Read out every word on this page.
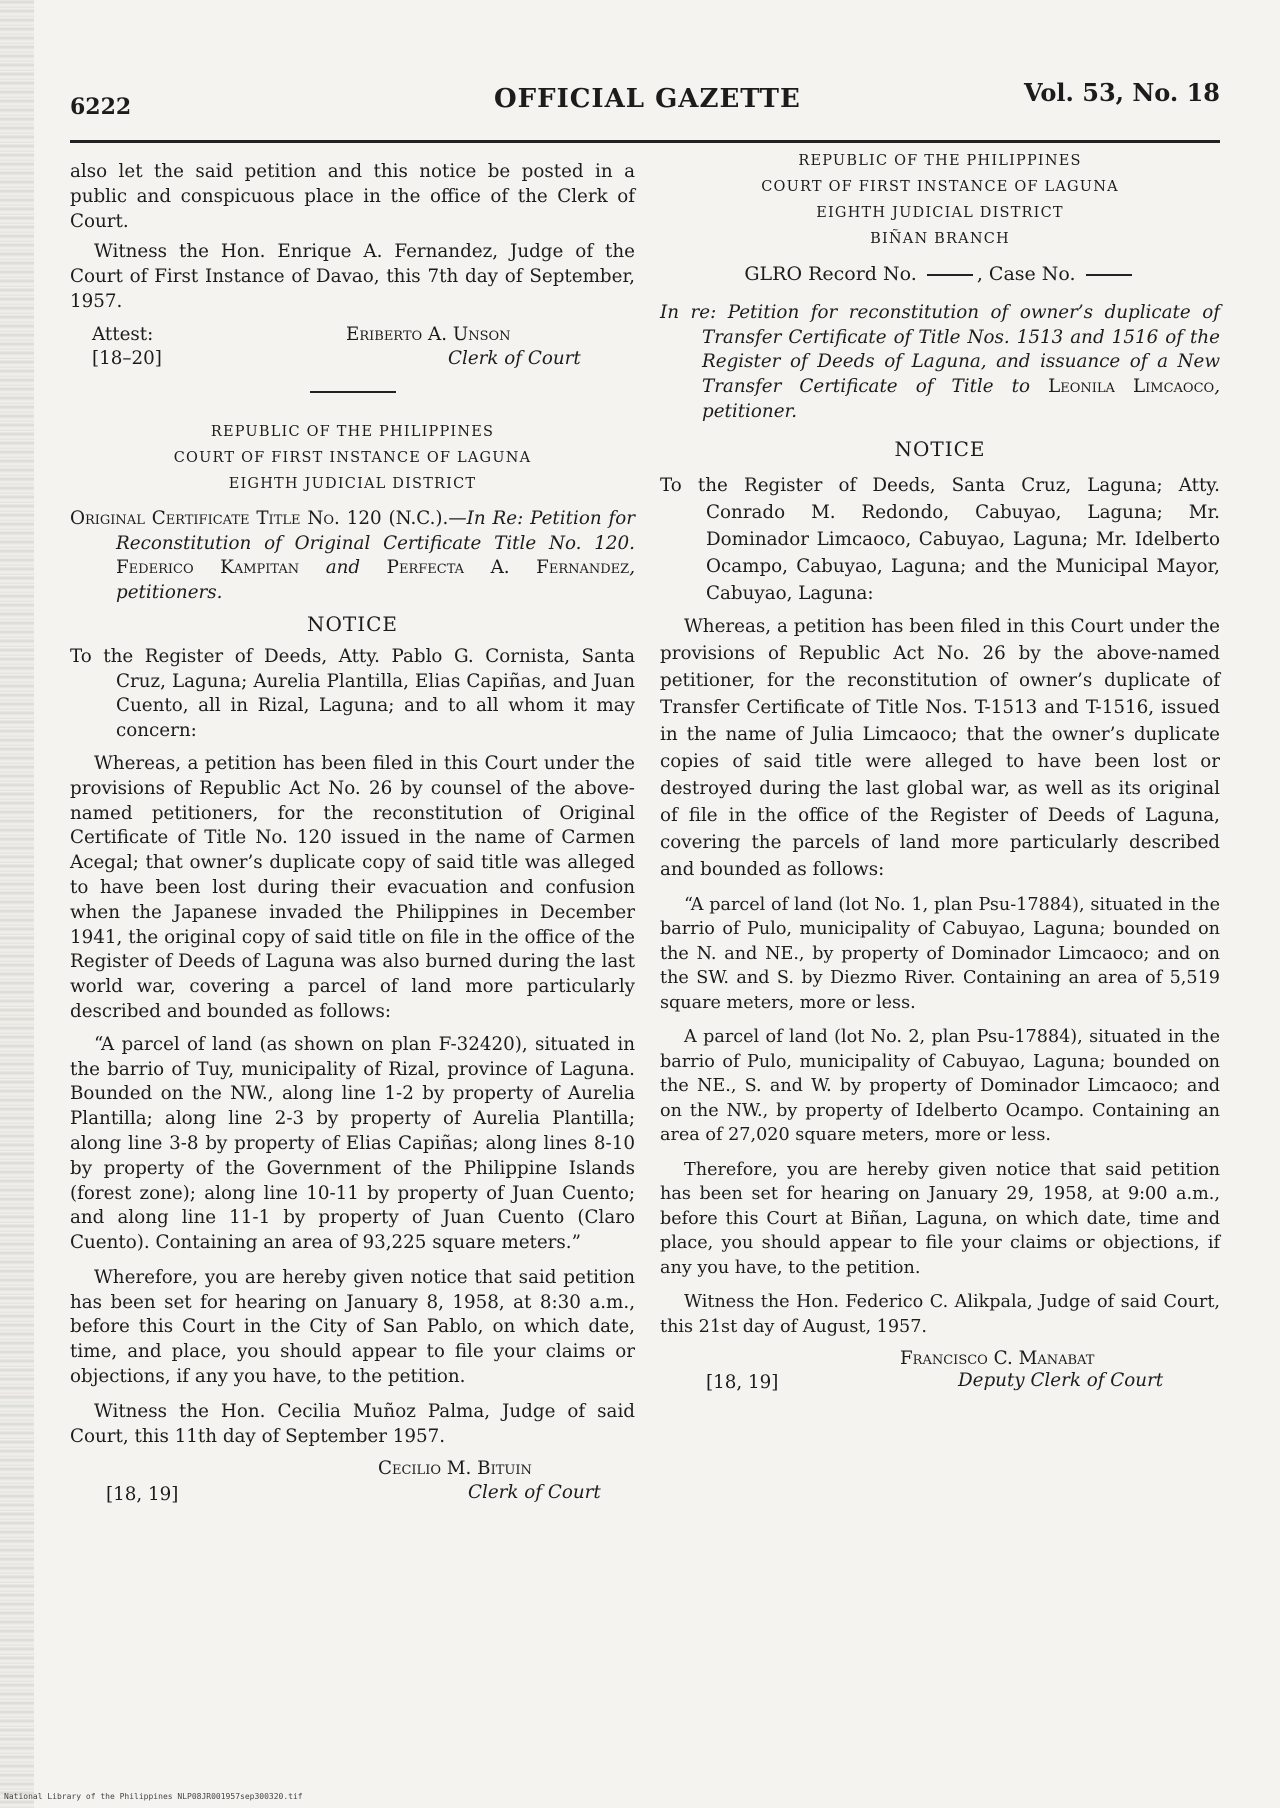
6222	OFFICIAL GAZETTE	Vol. 53, No. 18

also let the said petition and this notice be posted in a public and conspicuous place in the office of the Clerk of Court.

Witness the Hon. Enrique A. Fernandez, Judge of the Court of First Instance of Davao, this 7th day of September, 1957.

Attest:
[18–20]
Eriberto A. Unson
Clerk of Court
REPUBLIC OF THE PHILIPPINES
COURT OF FIRST INSTANCE OF LAGUNA
EIGHTH JUDICIAL DISTRICT

Original Certificate Title No. 120 (N.C.).—In Re: Petition for Reconstitution of Original Certificate Title No. 120. Federico Kampitan and Perfecta A. Fernandez, petitioners.

NOTICE

To the Register of Deeds, Atty. Pablo G. Cornista, Santa Cruz, Laguna; Aurelia Plantilla, Elias Capiñas, and Juan Cuento, all in Rizal, Laguna; and to all whom it may concern:

Whereas, a petition has been filed in this Court under the provisions of Republic Act No. 26 by counsel of the above-named petitioners, for the reconstitution of Original Certificate of Title No. 120 issued in the name of Carmen Acegal; that owner’s duplicate copy of said title was alleged to have been lost during their evacuation and confusion when the Japanese invaded the Philippines in December 1941, the original copy of said title on file in the office of the Register of Deeds of Laguna was also burned during the last world war, covering a parcel of land more particularly described and bounded as follows:

“A parcel of land (as shown on plan F-32420), situated in the barrio of Tuy, municipality of Rizal, province of Laguna. Bounded on the NW., along line 1-2 by property of Aurelia Plantilla; along line 2-3 by property of Aurelia Plantilla; along line 3-8 by property of Elias Capiñas; along lines 8-10 by property of the Government of the Philippine Islands (forest zone); along line 10-11 by property of Juan Cuento; and along line 11-1 by property of Juan Cuento (Claro Cuento). Containing an area of 93,225 square meters.”

Wherefore, you are hereby given notice that said petition has been set for hearing on January 8, 1958, at 8:30 a.m., before this Court in the City of San Pablo, on which date, time, and place, you should appear to file your claims or objections, if any you have, to the petition.

Witness the Hon. Cecilia Muñoz Palma, Judge of said Court, this 11th day of September 1957.

Cecilio M. Bituin
[18, 19]	Clerk of Court
REPUBLIC OF THE PHILIPPINES
COURT OF FIRST INSTANCE OF LAGUNA
EIGHTH JUDICIAL DISTRICT
BIÑAN BRANCH
GLRO Record No.	, Case No.

In re: Petition for reconstitution of owner’s duplicate of Transfer Certificate of Title Nos. 1513 and 1516 of the Register of Deeds of Laguna, and issuance of a New Transfer Certificate of Title to Leonila Limcaoco, petitioner.

NOTICE

To the Register of Deeds, Santa Cruz, Laguna; Atty. Conrado M. Redondo, Cabuyao, Laguna; Mr. Dominador Limcaoco, Cabuyao, Laguna; Mr. Idelberto Ocampo, Cabuyao, Laguna; and the Municipal Mayor, Cabuyao, Laguna:

Whereas, a petition has been filed in this Court under the provisions of Republic Act No. 26 by the above-named petitioner, for the reconstitution of owner’s duplicate of Transfer Certificate of Title Nos. T-1513 and T-1516, issued in the name of Julia Limcaoco; that the owner’s duplicate copies of said title were alleged to have been lost or destroyed during the last global war, as well as its original of file in the office of the Register of Deeds of Laguna, covering the parcels of land more particularly described and bounded as follows:

“A parcel of land (lot No. 1, plan Psu-17884), situated in the barrio of Pulo, municipality of Cabuyao, Laguna; bounded on the N. and NE., by property of Dominador Limcaoco; and on the SW. and S. by Diezmo River. Containing an area of 5,519 square meters, more or less.

A parcel of land (lot No. 2, plan Psu-17884), situated in the barrio of Pulo, municipality of Cabuyao, Laguna; bounded on the NE., S. and W. by property of Dominador Limcaoco; and on the NW., by property of Idelberto Ocampo. Containing an area of 27,020 square meters, more or less.

Therefore, you are hereby given notice that said petition has been set for hearing on January 29, 1958, at 9:00 a.m., before this Court at Biñan, Laguna, on which date, time and place, you should appear to file your claims or objections, if any you have, to the petition.

Witness the Hon. Federico C. Alikpala, Judge of said Court, this 21st day of August, 1957.

Francisco C. Manabat
[18, 19]	Deputy Clerk of Court
National Library of the Philippines NLP08JR001957sep300320.tif
